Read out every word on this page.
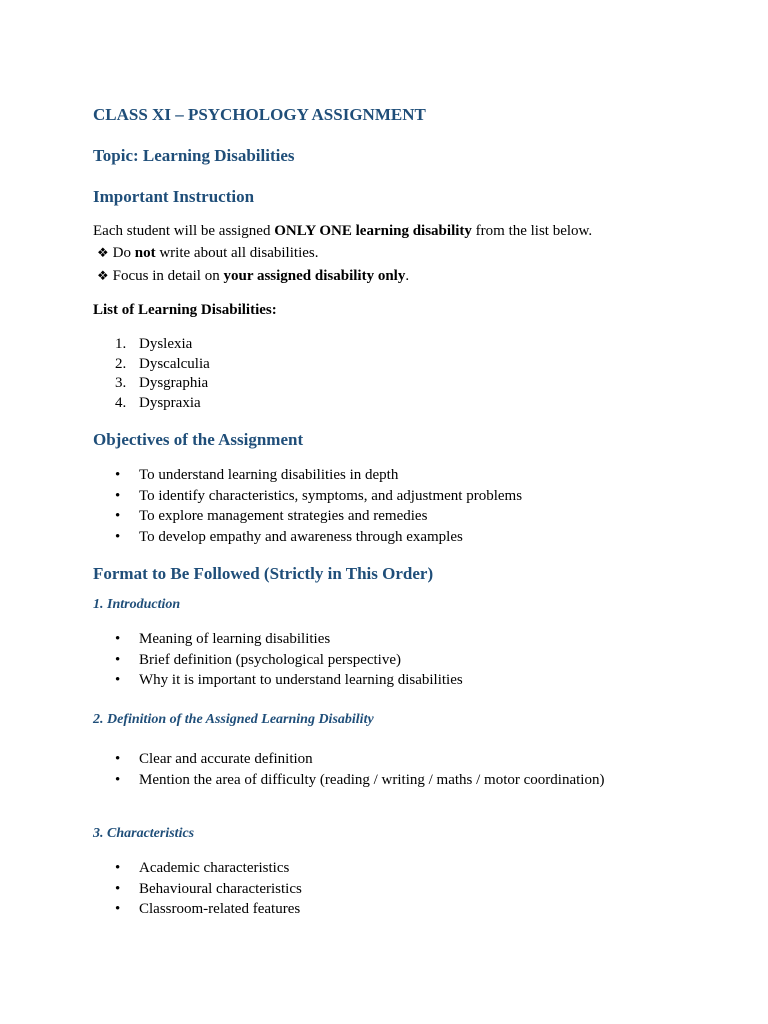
CLASS XI – PSYCHOLOGY ASSIGNMENT
Topic: Learning Disabilities
Important Instruction

Each student will be assigned ONLY ONE learning disability from the list below.

❖ Do not write about all disabilities.

❖ Focus in detail on your assigned disability only.

List of Learning Disabilities:

1. Dyslexia

2. Dyscalculia

3. Dysgraphia

4. Dyspraxia

Objectives of the Assignment

• To understand learning disabilities in depth

• To identify characteristics, symptoms, and adjustment problems

• To explore management strategies and remedies

• To develop empathy and awareness through examples

Format to Be Followed (Strictly in This Order)

1. Introduction

• Meaning of learning disabilities

• Brief definition (psychological perspective)

• Why it is important to understand learning disabilities

2. Definition of the Assigned Learning Disability

• Clear and accurate definition

• Mention the area of difficulty (reading / writing / maths / motor coordination)

3. Characteristics

• Academic characteristics

• Behavioural characteristics

• Classroom-related features
